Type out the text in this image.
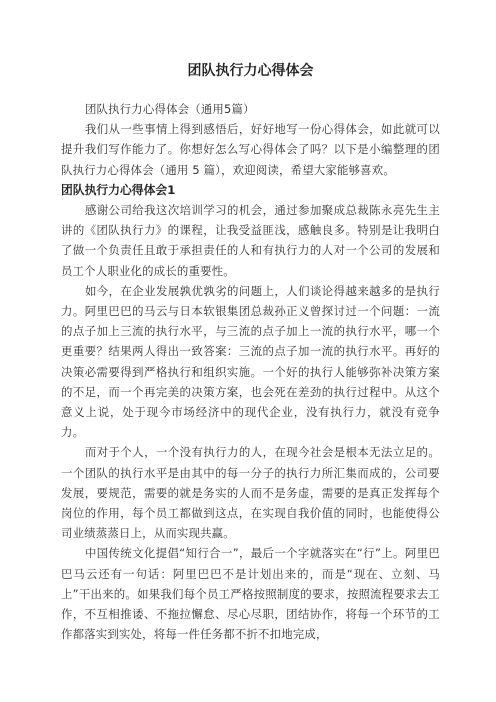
团队执行力心得体会

团队执行力心得体会（通用5篇）

我们从一些事情上得到感悟后，好好地写一份心得体会，如此就可以提升我们写作能力了。你想好怎么写心得体会了吗？以下是小编整理的团队执行力心得体会（通用 5 篇），欢迎阅读，希望大家能够喜欢。

团队执行力心得体会1

感谢公司给我这次培训学习的机会，通过参加聚成总裁陈永亮先生主讲的《团队执行力》的课程，让我受益匪浅，感触良多。特别是让我明白了做一个负责任且敢于承担责任的人和有执行力的人对一个公司的发展和员工个人职业化的成长的重要性。

如今，在企业发展孰优孰劣的问题上，人们谈论得越来越多的是执行力。阿里巴巴的马云与日本软银集团总裁孙正义曾探讨过一个问题：一流的点子加上三流的执行水平，与三流的点子加上一流的执行水平，哪一个更重要？结果两人得出一致答案：三流的点子加一流的执行水平。再好的决策必需要得到严格执行和组织实施。一个好的执行人能够弥补决策方案的不足，而一个再完美的决策方案，也会死在差劲的执行过程中。从这个意义上说，处于现今市场经济中的现代企业，没有执行力，就没有竞争力。

而对于个人，一个没有执行力的人，在现今社会是根本无法立足的。一个团队的执行水平是由其中的每一分子的执行力所汇集而成的，公司要发展，要规范，需要的就是务实的人而不是务虚，需要的是真正发挥每个岗位的作用，每个员工都做到这点，在实现自我价值的同时，也能使得公司业绩蒸蒸日上，从而实现共赢。

中国传统文化提倡“知行合一”，最后一个字就落实在“行”上。阿里巴巴马云还有一句话：阿里巴巴不是计划出来的，而是“现在、立刻、马上”干出来的。如果我们每个员工严格按照制度的要求，按照流程要求去工作，不互相推诿、不拖拉懈怠、尽心尽职，团结协作，将每一个环节的工作都落实到实处，将每一件任务都不折不扣地完成，
